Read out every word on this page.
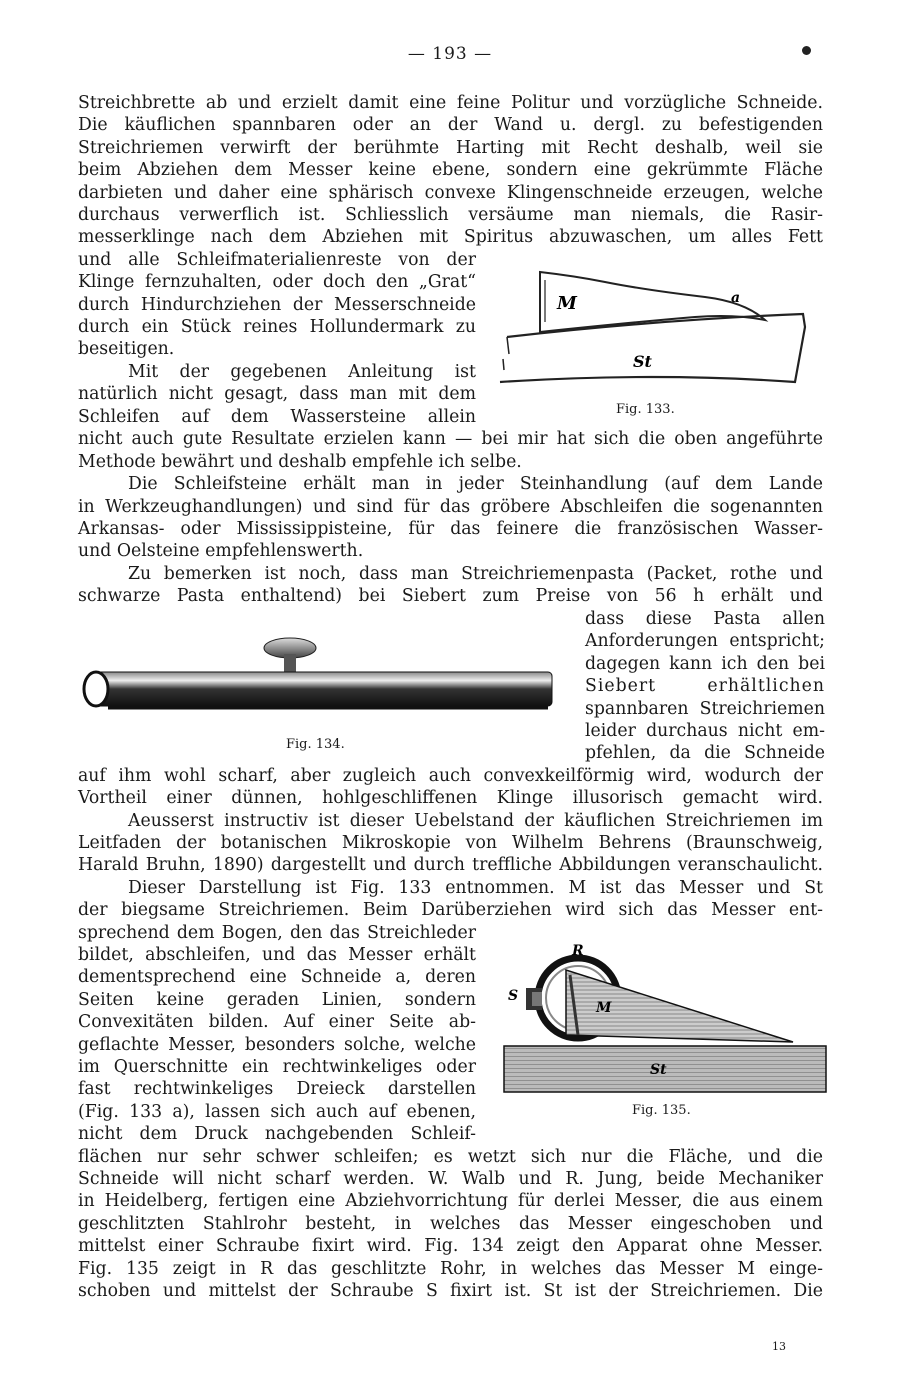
— 193 —
Streichbrette ab und erzielt damit eine feine Politur und vorzügliche Schneide.
Die käuflichen spannbaren oder an der Wand u. dergl. zu befestigenden
Streichriemen verwirft der berühmte Harting mit Recht deshalb, weil sie
beim Abziehen dem Messer keine ebene, sondern eine gekrümmte Fläche
darbieten und daher eine sphärisch convexe Klingenschneide erzeugen, welche
durchaus verwerflich ist. Schliesslich versäume man niemals, die Rasir-
messerklinge nach dem Abziehen mit Spiritus abzuwaschen, um alles Fett
und alle Schleifmaterialienreste von der
Klinge fernzuhalten, oder doch den „Grat“
durch Hindurchziehen der Messerschneide
durch ein Stück reines Hollundermark zu
beseitigen.
Mit der gegebenen Anleitung ist
natürlich nicht gesagt, dass man mit dem
Schleifen auf dem Wassersteine allein
M	a
St
Fig. 133.
nicht auch gute Resultate erzielen kann — bei mir hat sich die oben angeführte
Methode bewährt und deshalb empfehle ich selbe.
Die Schleifsteine erhält man in jeder Steinhandlung (auf dem Lande
in Werkzeughandlungen) und sind für das gröbere Abschleifen die sogenannten
Arkansas- oder Mississippisteine, für das feinere die französischen Wasser-
und Oelsteine empfehlenswerth.
Zu bemerken ist noch, dass man Streichriemenpasta (Packet, rothe und
schwarze Pasta enthaltend) bei Siebert zum Preise von 56 h erhält und
Fig. 134.
dass diese Pasta allen
Anforderungen entspricht;
dagegen kann ich den bei
Siebert erhältlichen
spannbaren Streichriemen
leider durchaus nicht em-
pfehlen, da die Schneide
auf ihm wohl scharf, aber zugleich auch convexkeilförmig wird, wodurch der
Vortheil einer dünnen, hohlgeschliffenen Klinge illusorisch gemacht wird.
Aeusserst instructiv ist dieser Uebelstand der käuflichen Streichriemen im
Leitfaden der botanischen Mikroskopie von Wilhelm Behrens (Braunschweig,
Harald Bruhn, 1890) dargestellt und durch treffliche Abbildungen veranschaulicht.
Dieser Darstellung ist Fig. 133 entnommen. M ist das Messer und St
der biegsame Streichriemen. Beim Darüberziehen wird sich das Messer ent-
sprechend dem Bogen, den das Streichleder
bildet, abschleifen, und das Messer erhält
dementsprechend eine Schneide a, deren
Seiten keine geraden Linien, sondern
Convexitäten bilden. Auf einer Seite ab-
geflachte Messer, besonders solche, welche
im Querschnitte ein rechtwinkeliges oder
fast rechtwinkeliges Dreieck darstellen
(Fig. 133 a), lassen sich auch auf ebenen,
nicht dem Druck nachgebenden Schleif-
R
S
M
St
Fig. 135.
flächen nur sehr schwer schleifen; es wetzt sich nur die Fläche, und die
Schneide will nicht scharf werden. W. Walb und R. Jung, beide Mechaniker
in Heidelberg, fertigen eine Abziehvorrichtung für derlei Messer, die aus einem
geschlitzten Stahlrohr besteht, in welches das Messer eingeschoben und
mittelst einer Schraube fixirt wird. Fig. 134 zeigt den Apparat ohne Messer.
Fig. 135 zeigt in R das geschlitzte Rohr, in welches das Messer M einge-
schoben und mittelst der Schraube S fixirt ist. St ist der Streichriemen. Die
13
